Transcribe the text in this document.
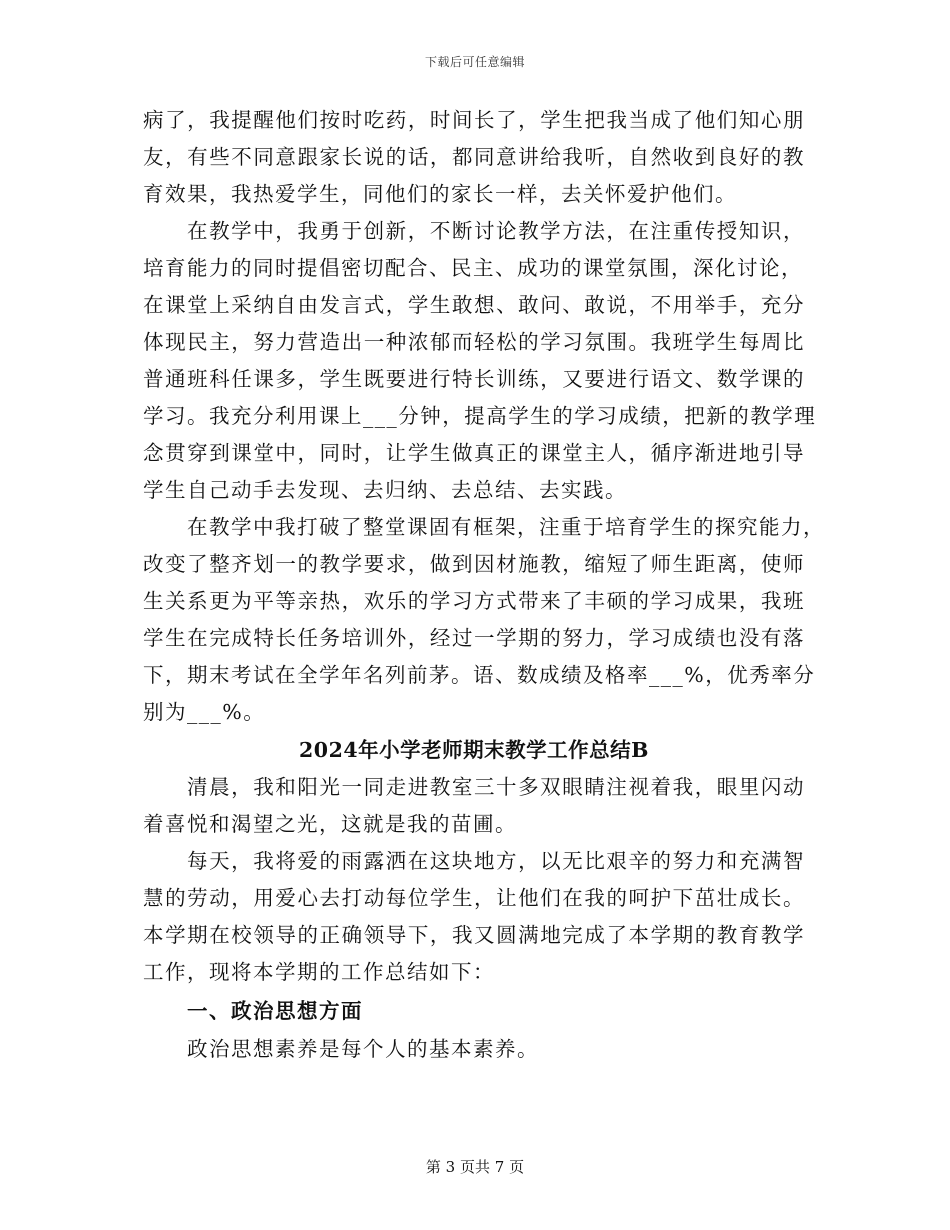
下载后可任意编辑
病了，我提醒他们按时吃药，时间长了，学生把我当成了他们知心朋
友，有些不同意跟家长说的话，都同意讲给我听，自然收到良好的教
育效果，我热爱学生，同他们的家长一样，去关怀爱护他们。
在教学中，我勇于创新，不断讨论教学方法，在注重传授知识，
培育能力的同时提倡密切配合、民主、成功的课堂氛围，深化讨论，
在课堂上采纳自由发言式，学生敢想、敢问、敢说，不用举手，充分
体现民主，努力营造出一种浓郁而轻松的学习氛围。我班学生每周比
普通班科任课多，学生既要进行特长训练，又要进行语文、数学课的
学习。我充分利用课上___分钟，提高学生的学习成绩，把新的教学理
念贯穿到课堂中，同时，让学生做真正的课堂主人，循序渐进地引导
学生自己动手去发现、去归纳、去总结、去实践。
在教学中我打破了整堂课固有框架，注重于培育学生的探究能力，
改变了整齐划一的教学要求，做到因材施教，缩短了师生距离，使师
生关系更为平等亲热，欢乐的学习方式带来了丰硕的学习成果，我班
学生在完成特长任务培训外，经过一学期的努力，学习成绩也没有落
下，期末考试在全学年名列前茅。语、数成绩及格率___%，优秀率分
别为___%。
2024年小学老师期末教学工作总结B
清晨，我和阳光一同走进教室三十多双眼睛注视着我，眼里闪动
着喜悦和渴望之光，这就是我的苗圃。
每天，我将爱的雨露洒在这块地方，以无比艰辛的努力和充满智
慧的劳动，用爱心去打动每位学生，让他们在我的呵护下茁壮成长。
本学期在校领导的正确领导下，我又圆满地完成了本学期的教育教学
工作，现将本学期的工作总结如下：
一、政治思想方面
政治思想素养是每个人的基本素养。
第 3 页共 7 页
